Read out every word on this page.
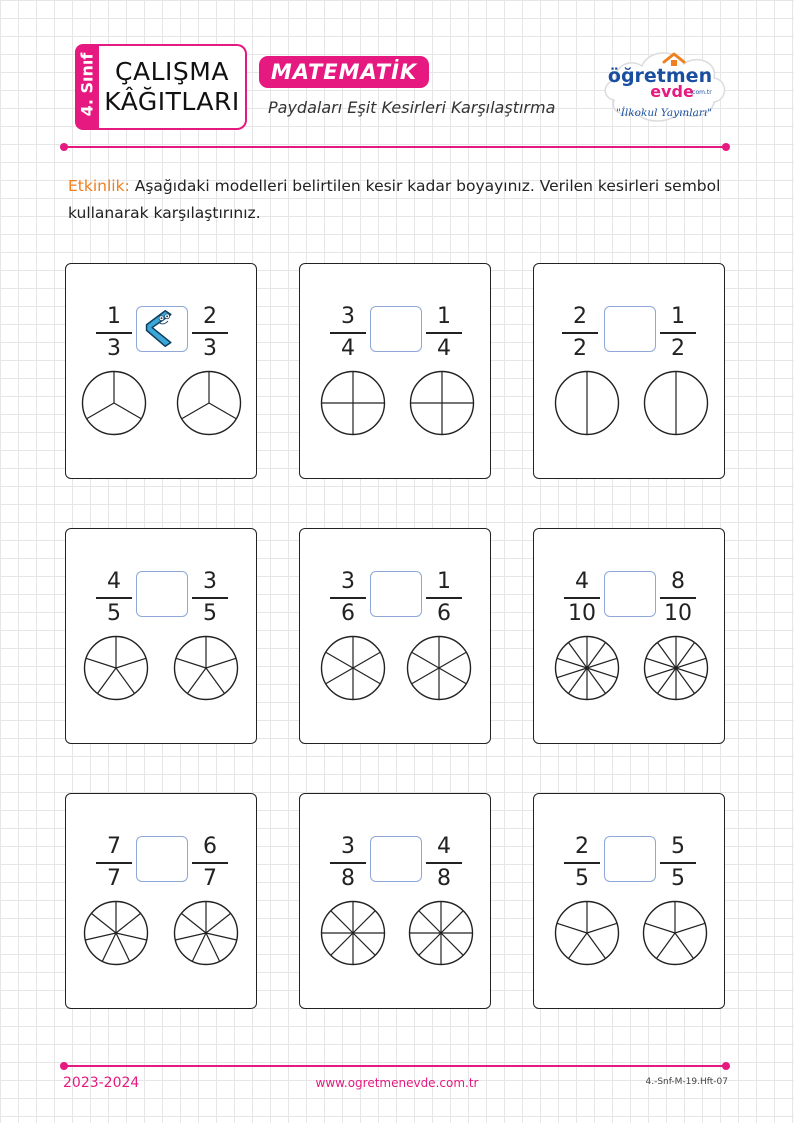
4. Sınıf ÇALIŞMA
KÂĞITLARI
MATEMATİK
Paydaları Eşit Kesirleri Karşılaştırma
öğretmen
evde
.com.tr
"İlkokul Yayınları"
Etkinlik: Aşağıdaki modelleri belirtilen kesir kadar boyayınız. Verilen kesirleri sembol kullanarak karşılaştırınız.
1
3
2
3
3
4
1
4
2
2
1
2
4
5
3
5
3
6
1
6
4
10
8
10
7
7
6
7
3
8
4
8
2
5
5
5
2023-2024	www.ogretmenevde.com.tr	4.-Snf-M-19.Hft-07
